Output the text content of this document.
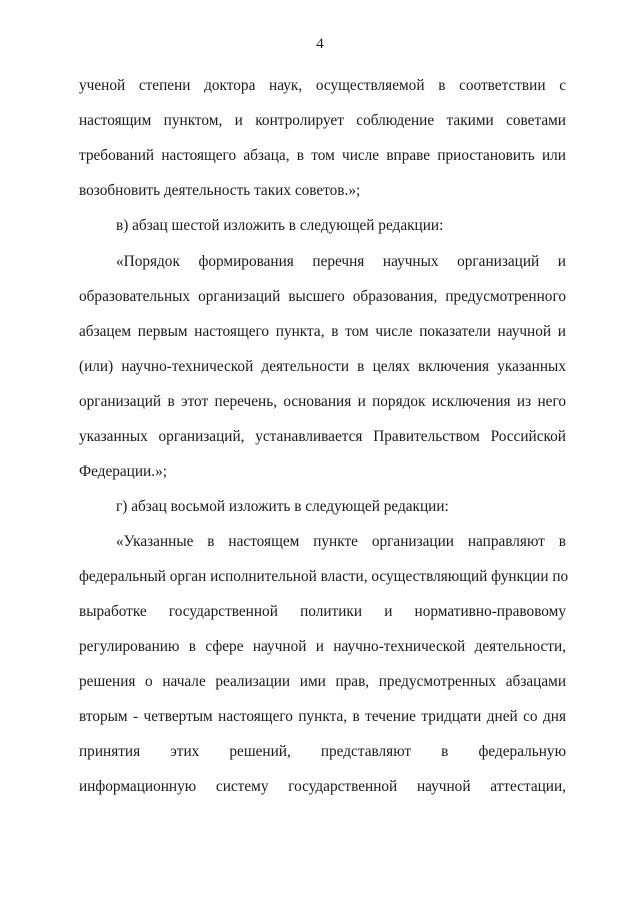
4
ученой степени доктора наук, осуществляемой в соответствии с
настоящим пунктом, и контролирует соблюдение такими советами
требований настоящего абзаца, в том числе вправе приостановить или
возобновить деятельность таких советов.»;
в) абзац шестой изложить в следующей редакции:
«Порядок формирования перечня научных организаций и
образовательных организаций высшего образования, предусмотренного
абзацем первым настоящего пункта, в том числе показатели научной и
(или) научно-технической деятельности в целях включения указанных
организаций в этот перечень, основания и порядок исключения из него
указанных организаций, устанавливается Правительством Российской
Федерации.»;
г) абзац восьмой изложить в следующей редакции:
«Указанные в настоящем пункте организации направляют в
федеральный орган исполнительной власти, осуществляющий функции по
выработке государственной политики и нормативно-правовому
регулированию в сфере научной и научно-технической деятельности,
решения о начале реализации ими прав, предусмотренных абзацами
вторым - четвертым настоящего пункта, в течение тридцати дней со дня
принятия этих решений, представляют в федеральную
информационную систему государственной научной аттестации,
